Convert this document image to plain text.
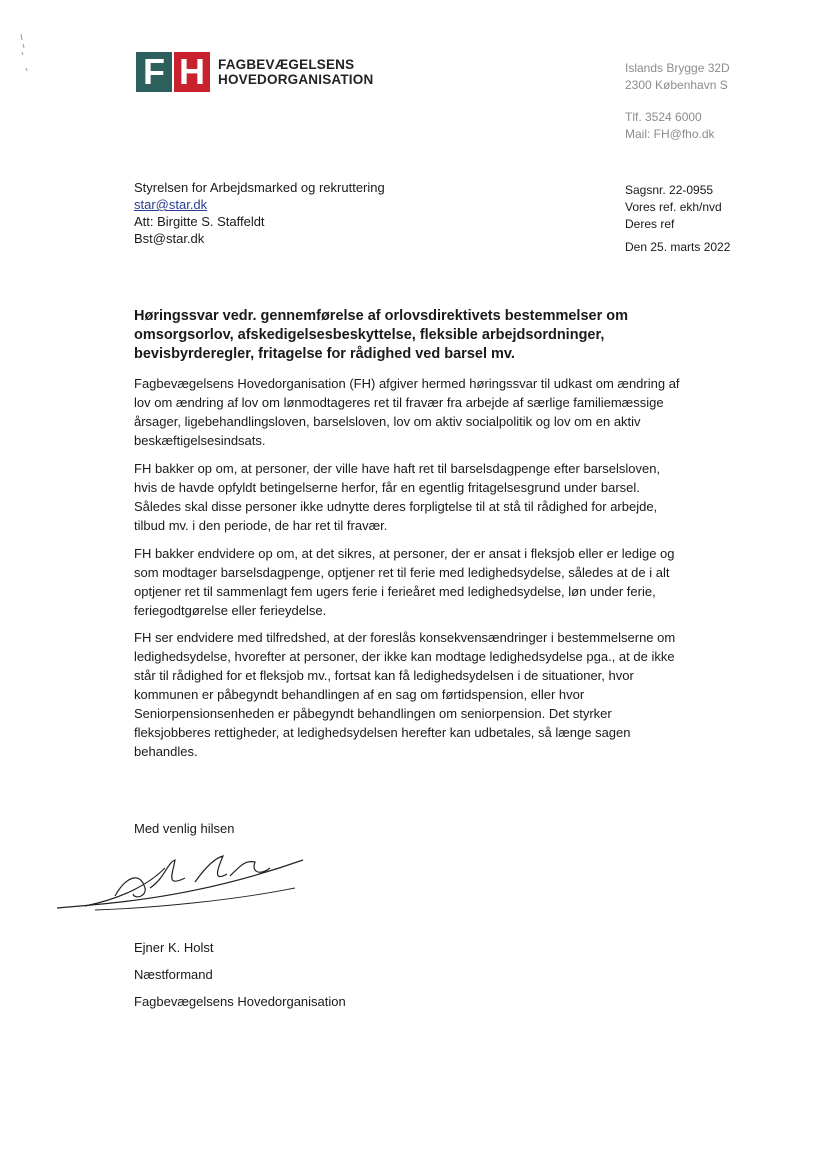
F H FAGBEVÆGELSENS
HOVEDORGANISATION
Islands Brygge 32D
2300 København S
Tlf. 3524 6000
Mail: FH@fho.dk
Styrelsen for Arbejdsmarked og rekruttering
star@star.dk
Att: Birgitte S. Staffeldt
Bst@star.dk
Sagsnr. 22-0955
Vores ref. ekh/nvd
Deres ref
Den 25. marts 2022
Høringssvar vedr. gennemførelse af orlovsdirektivets bestemmelser om
omsorgsorlov, afskedigelsesbeskyttelse, fleksible arbejdsordninger,
bevisbyrderegler, fritagelse for rådighed ved barsel mv.
Fagbevægelsens Hovedorganisation (FH) afgiver hermed høringssvar til udkast om ændring af
lov om ændring af lov om lønmodtageres ret til fravær fra arbejde af særlige familiemæssige
årsager, ligebehandlingsloven, barselsloven, lov om aktiv socialpolitik og lov om en aktiv
beskæftigelsesindsats.
FH bakker op om, at personer, der ville have haft ret til barselsdagpenge efter barselsloven,
hvis de havde opfyldt betingelserne herfor, får en egentlig fritagelsesgrund under barsel.
Således skal disse personer ikke udnytte deres forpligtelse til at stå til rådighed for arbejde,
tilbud mv. i den periode, de har ret til fravær.
FH bakker endvidere op om, at det sikres, at personer, der er ansat i fleksjob eller er ledige og
som modtager barselsdagpenge, optjener ret til ferie med ledighedsydelse, således at de i alt
optjener ret til sammenlagt fem ugers ferie i ferieåret med ledighedsydelse, løn under ferie,
feriegodtgørelse eller ferieydelse.
FH ser endvidere med tilfredshed, at der foreslås konsekvensændringer i bestemmelserne om
ledighedsydelse, hvorefter at personer, der ikke kan modtage ledighedsydelse pga., at de ikke
står til rådighed for et fleksjob mv., fortsat kan få ledighedsydelsen i de situationer, hvor
kommunen er påbegyndt behandlingen af en sag om førtidspension, eller hvor
Seniorpensionsenheden er påbegyndt behandlingen om seniorpension. Det styrker
fleksjobberes rettigheder, at ledighedsydelsen herefter kan udbetales, så længe sagen
behandles.
Med venlig hilsen
Ejner K. Holst
Næstformand
Fagbevægelsens Hovedorganisation
